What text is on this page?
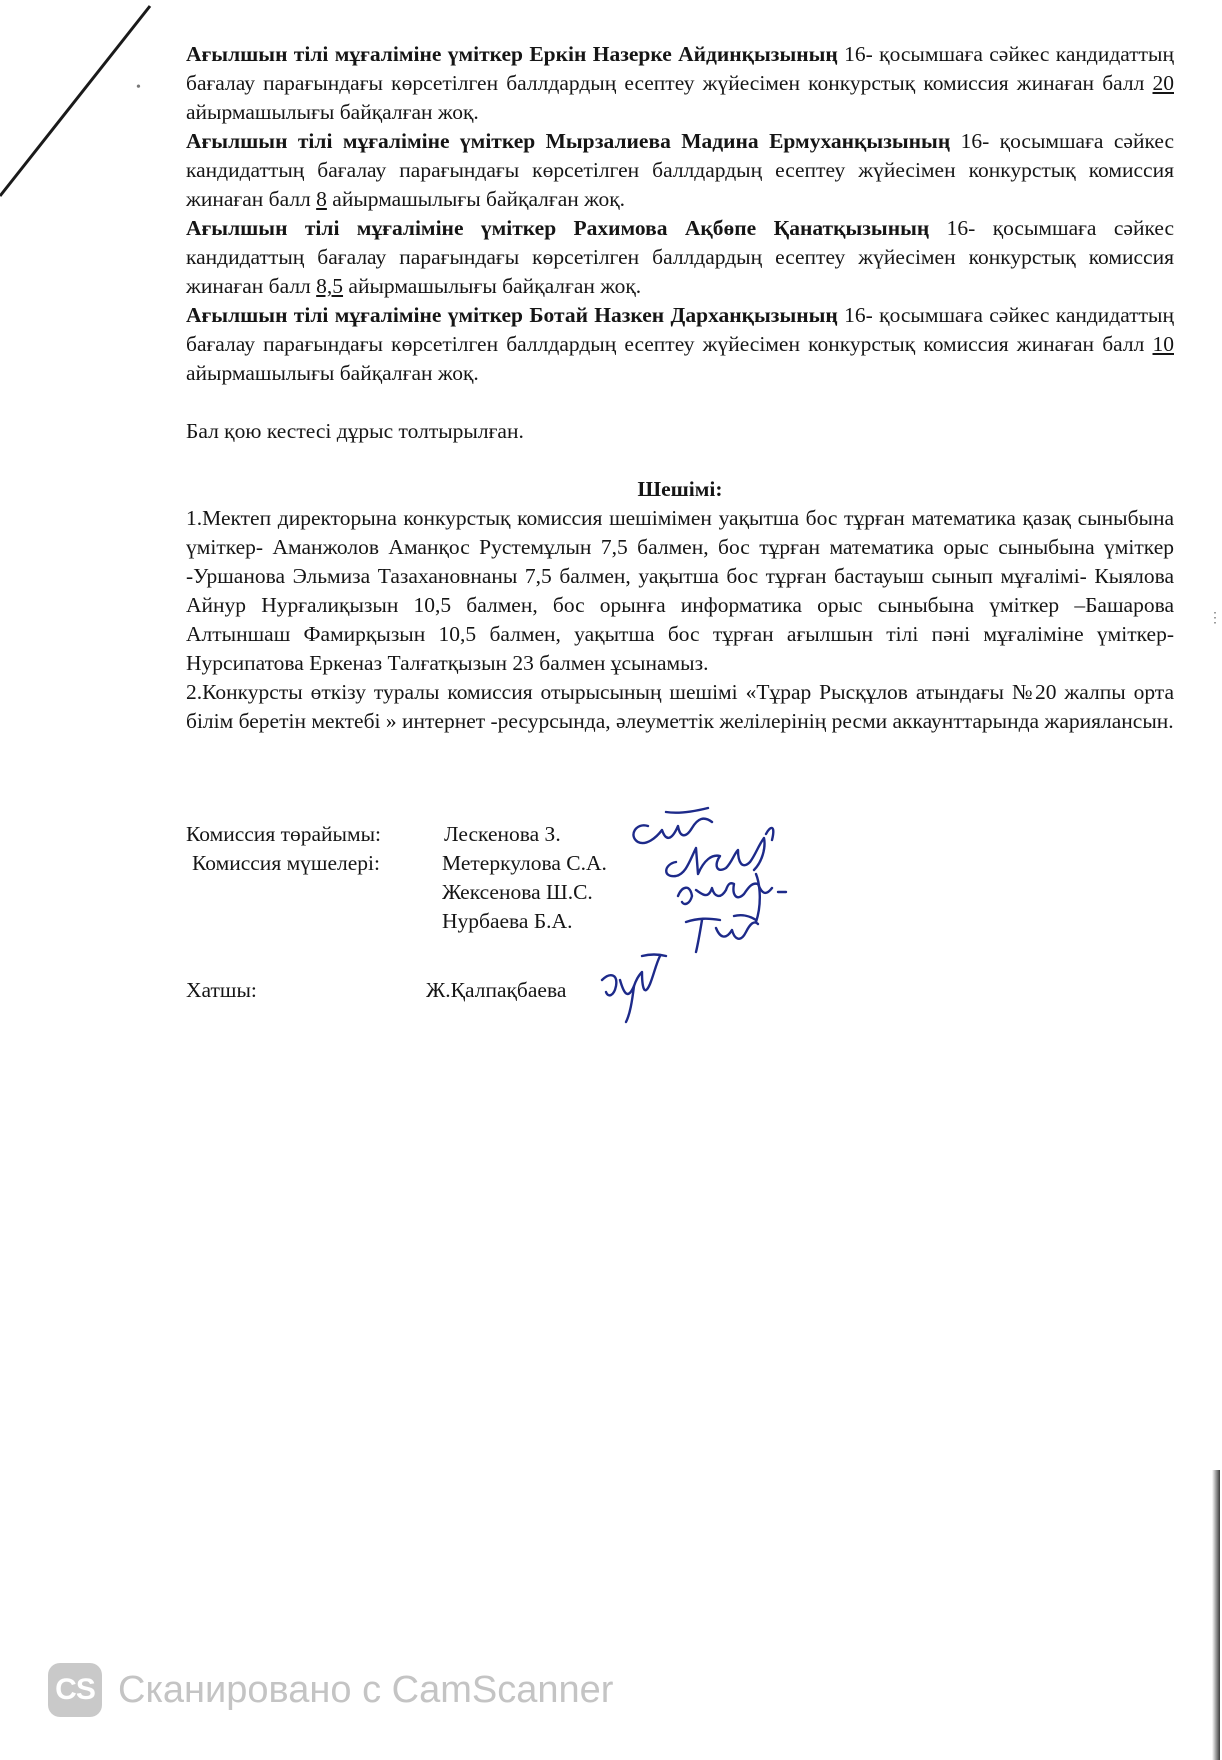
•
⋮

Ағылшын тілі мұғаліміне үміткер Еркін Назерке Айдинқызының 16- қосымшаға сәйкес кандидаттың бағалау парағындағы көрсетілген баллдардың есептеу жүйесімен конкурстық комиссия жинаған балл 20 айырмашылығы байқалған жоқ.

Ағылшын тілі мұғаліміне үміткер Мырзалиева Мадина Ермуханқызының 16- қосымшаға сәйкес кандидаттың бағалау парағындағы көрсетілген баллдардың есептеу жүйесімен конкурстық комиссия жинаған балл 8 айырмашылығы байқалған жоқ.

Ағылшын тілі мұғаліміне үміткер Рахимова Ақбөпе Қанатқызының 16- қосымшаға сәйкес кандидаттың бағалау парағындағы көрсетілген баллдардың есептеу жүйесімен конкурстық комиссия жинаған балл 8,5 айырмашылығы байқалған жоқ.

Ағылшын тілі мұғаліміне үміткер Ботай Назкен Дарханқызының 16- қосымшаға сәйкес кандидаттың бағалау парағындағы көрсетілген баллдардың есептеу жүйесімен конкурстық комиссия жинаған балл 10 айырмашылығы байқалған жоқ.

Бал қою кестесі дұрыс толтырылған.

Шешімі:

1.Мектеп директорына конкурстық комиссия шешімімен уақытша бос тұрған математика қазақ сыныбына үміткер- Аманжолов Аманқос Рустемұлын 7,5 балмен, бос тұрған математика орыс сыныбына үміткер -Уршанова Эльмиза Тазахановнаны 7,5 балмен, уақытша бос тұрған бастауыш сынып мұғалімі- Кыялова Айнур Нурғалиқызын 10,5 балмен, бос орынға информатика орыс сыныбына үміткер –Башарова Алтыншаш Фамирқызын 10,5 балмен, уақытша бос тұрған ағылшын тілі пәні мұғаліміне үміткер- Нурсипатова Еркеназ Талғатқызын 23 балмен ұсынамыз.

2.Конкурсты өткізу туралы комиссия отырысының шешімі «Тұрар Рысқұлов атындағы №20 жалпы орта білім беретін мектебі » интернет -ресурсында, әлеуметтік желілерінің ресми аккаунттарында жариялансын.

Комиссия төрайымы:	Лескенова З.
Комиссия мүшелері:	Метеркулова С.А.
Жексенова Ш.С.
Нурбаева Б.А.
Хатшы:	Ж.Қалпақбаева
CS Сканировано с CamScanner
